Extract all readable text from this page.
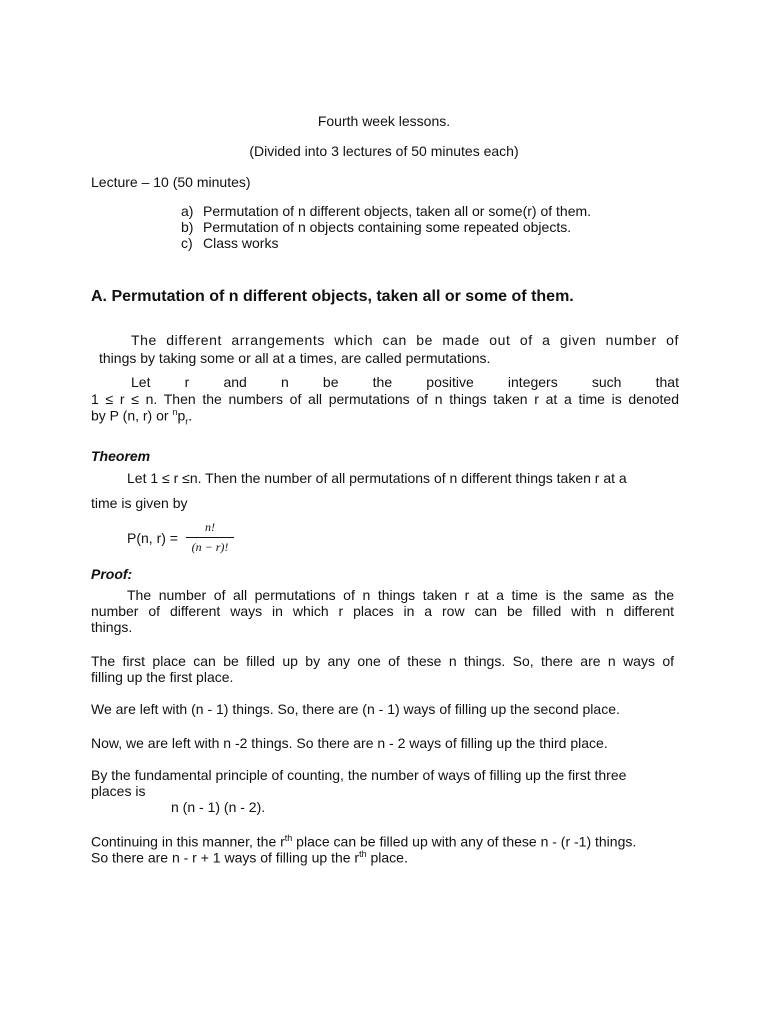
Fourth week lessons.
(Divided into 3 lectures of 50 minutes each)
Lecture – 10 (50 minutes)
a) Permutation of n different objects, taken all or some(r) of them.
b) Permutation of n objects containing some repeated objects.
c) Class works
A. Permutation of n different objects, taken all or some of them.
The different arrangements which can be made out of a given number of
things by taking some or all at a times, are called permutations.
Let r and n be the positive integers such that
1 ≤ r ≤ n. Then the numbers of all permutations of n things taken r at a time is denoted
by P (n, r) or $^np_r$.
Theorem
Let 1 ≤ r ≤n. Then the number of all permutations of n different things taken r at a
time is given by
P(n, $r) = \frac{n!}{(n - r)!}$
Proof:
The number of all permutations of n things taken r at a time is the same as the
number of different ways in which r places in a row can be filled with n different
things.
The first place can be filled up by any one of these n things. So, there are n ways of
filling up the first place.
We are left with (n - 1) things. So, there are (n - 1) ways of filling up the second place.
Now, we are left with n -2 things. So there are n - 2 ways of filling up the third place.
By the fundamental principle of counting, the number of ways of filling up the first three
places is
n (n - 1) (n - 2).
Continuing in this manner, the $r^{th}$ place can be filled up with any of these n - (r -1) things.
So there are n - r + 1 ways of filling up the $r^{th}$ place.
